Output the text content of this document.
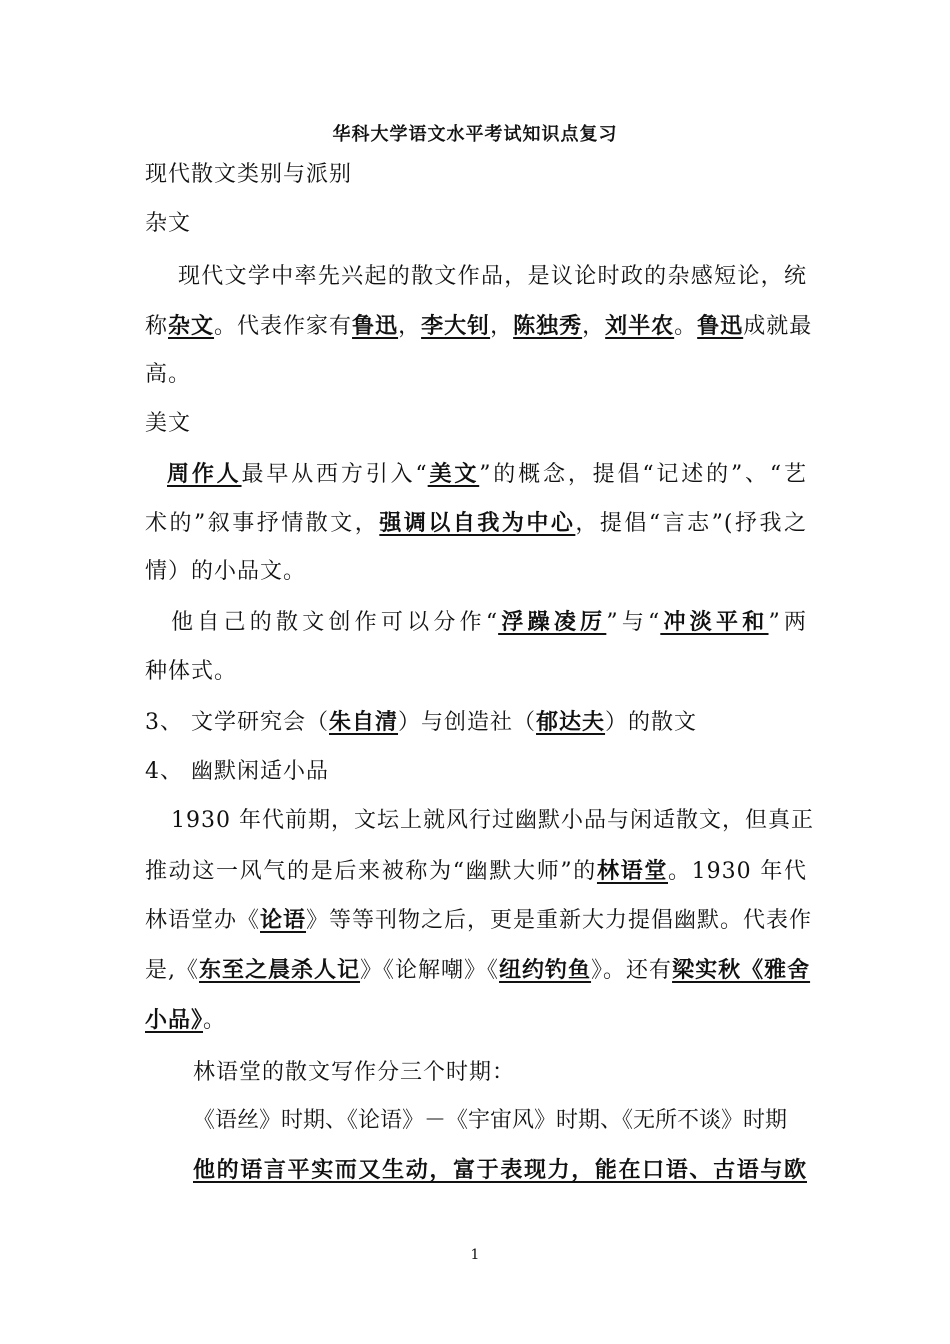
华科大学语文水平考试知识点复习
现代散文类别与派别
杂文
现代文学中率先兴起的散文作品，是议论时政的杂感短论，统
称杂文。代表作家有鲁迅，李大钊，陈独秀，刘半农。鲁迅成就最
高。
美文
周作人最早从西方引入“美文”的概念，提倡“记述的”、“艺
术的”叙事抒情散文，强调以自我为中心，提倡“言志”(抒我之
情）的小品文。
他自己的散文创作可以分作“浮躁凌厉”与“冲淡平和”两
种体式。
3、 文学研究会（朱自清）与创造社（郁达夫）的散文
4、 幽默闲适小品
1930 年代前期，文坛上就风行过幽默小品与闲适散文，但真正
推动这一风气的是后来被称为“幽默大师”的林语堂。1930 年代
林语堂办《论语》等等刊物之后，更是重新大力提倡幽默。代表作
是,《东至之晨杀人记》《论解嘲》《纽约钓鱼》。还有梁实秋《雅舍
小品》。
林语堂的散文写作分三个时期：
《语丝》时期、《论语》－《宇宙风》时期、《无所不谈》时期
他的语言平实而又生动，富于表现力，能在口语、古语与欧
1
